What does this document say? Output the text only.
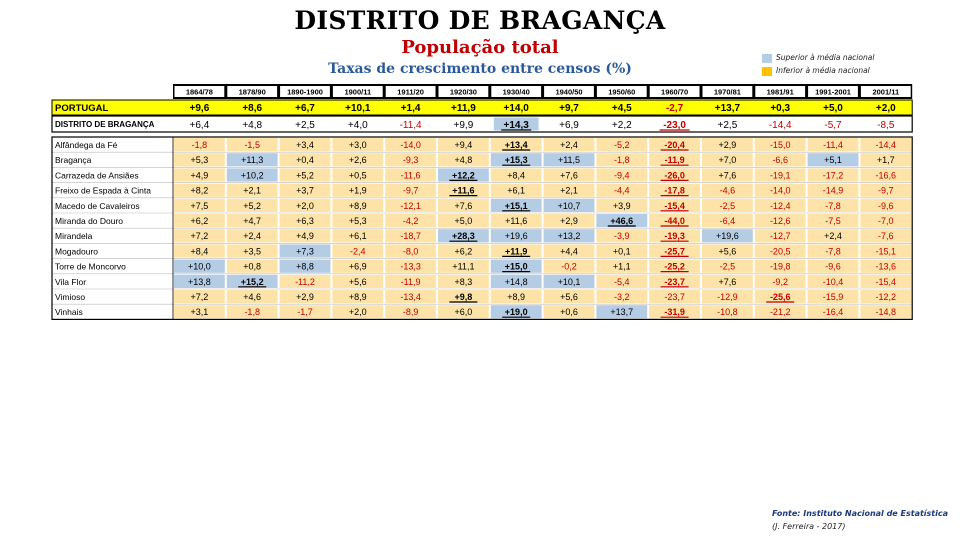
DISTRITO DE BRAGANÇA
População total
Taxas de crescimento entre censos (%)
Superior à média nacional
Inferior à média nacional
1864/78	1878/90	1890-1900	1900/11	1911/20	1920/30	1930/40	1940/50	1950/60	1960/70	1970/81	1981/91	1991-2001	2001/11
PORTUGAL	+9,6	+8,6	+6,7	+10,1	+1,4	+11,9	+14,0	+9,7	+4,5	-2,7	+13,7	+0,3	+5,0	+2,0
DISTRITO DE BRAGANÇA	+6,4	+4,8	+2,5	+4,0	-11,4	+9,9	+14,3	+6,9	+2,2	-23,0	+2,5	-14,4	-5,7	-8,5
Alfândega da Fé	-1,8	-1,5	+3,4	+3,0	-14,0	+9,4	+13,4	+2,4	-5,2	-20,4	+2,9	-15,0	-11,4	-14,4
Bragança	+5,3	+11,3	+0,4	+2,6	-9,3	+4,8	+15,3	+11,5	-1,8	-11,9	+7,0	-6,6	+5,1	+1,7
Carrazeda de Ansiães	+4,9	+10,2	+5,2	+0,5	-11,6	+12,2	+8,4	+7,6	-9,4	-26,0	+7,6	-19,1	-17,2	-16,6
Freixo de Espada à Cinta	+8,2	+2,1	+3,7	+1,9	-9,7	+11,6	+6,1	+2,1	-4,4	-17,8	-4,6	-14,0	-14,9	-9,7
Macedo de Cavaleiros	+7,5	+5,2	+2,0	+8,9	-12,1	+7,6	+15,1	+10,7	+3,9	-15,4	-2,5	-12,4	-7,8	-9,6
Miranda do Douro	+6,2	+4,7	+6,3	+5,3	-4,2	+5,0	+11,6	+2,9	+46,6	-44,0	-6,4	-12,6	-7,5	-7,0
Mirandela	+7,2	+2,4	+4,9	+6,1	-18,7	+28,3	+19,6	+13,2	-3,9	-19,3	+19,6	-12,7	+2,4	-7,6
Mogadouro	+8,4	+3,5	+7,3	-2,4	-8,0	+6,2	+11,9	+4,4	+0,1	-25,7	+5,6	-20,5	-7,8	-15,1
Torre de Moncorvo	+10,0	+0,8	+8,8	+6,9	-13,3	+11,1	+15,0	-0,2	+1,1	-25,2	-2,5	-19,8	-9,6	-13,6
Vila Flor	+13,8	+15,2	-11,2	+5,6	-11,9	+8,3	+14,8	+10,1	-5,4	-23,7	+7,6	-9,2	-10,4	-15,4
Vimioso	+7,2	+4,6	+2,9	+8,9	-13,4	+9,8	+8,9	+5,6	-3,2	-23,7	-12,9	-25,6	-15,9	-12,2
Vinhais	+3,1	-1,8	-1,7	+2,0	-8,9	+6,0	+19,0	+0,6	+13,7	-31,9	-10,8	-21,2	-16,4	-14,8
Fonte: Instituto Nacional de Estatística
(J. Ferreira - 2017)
